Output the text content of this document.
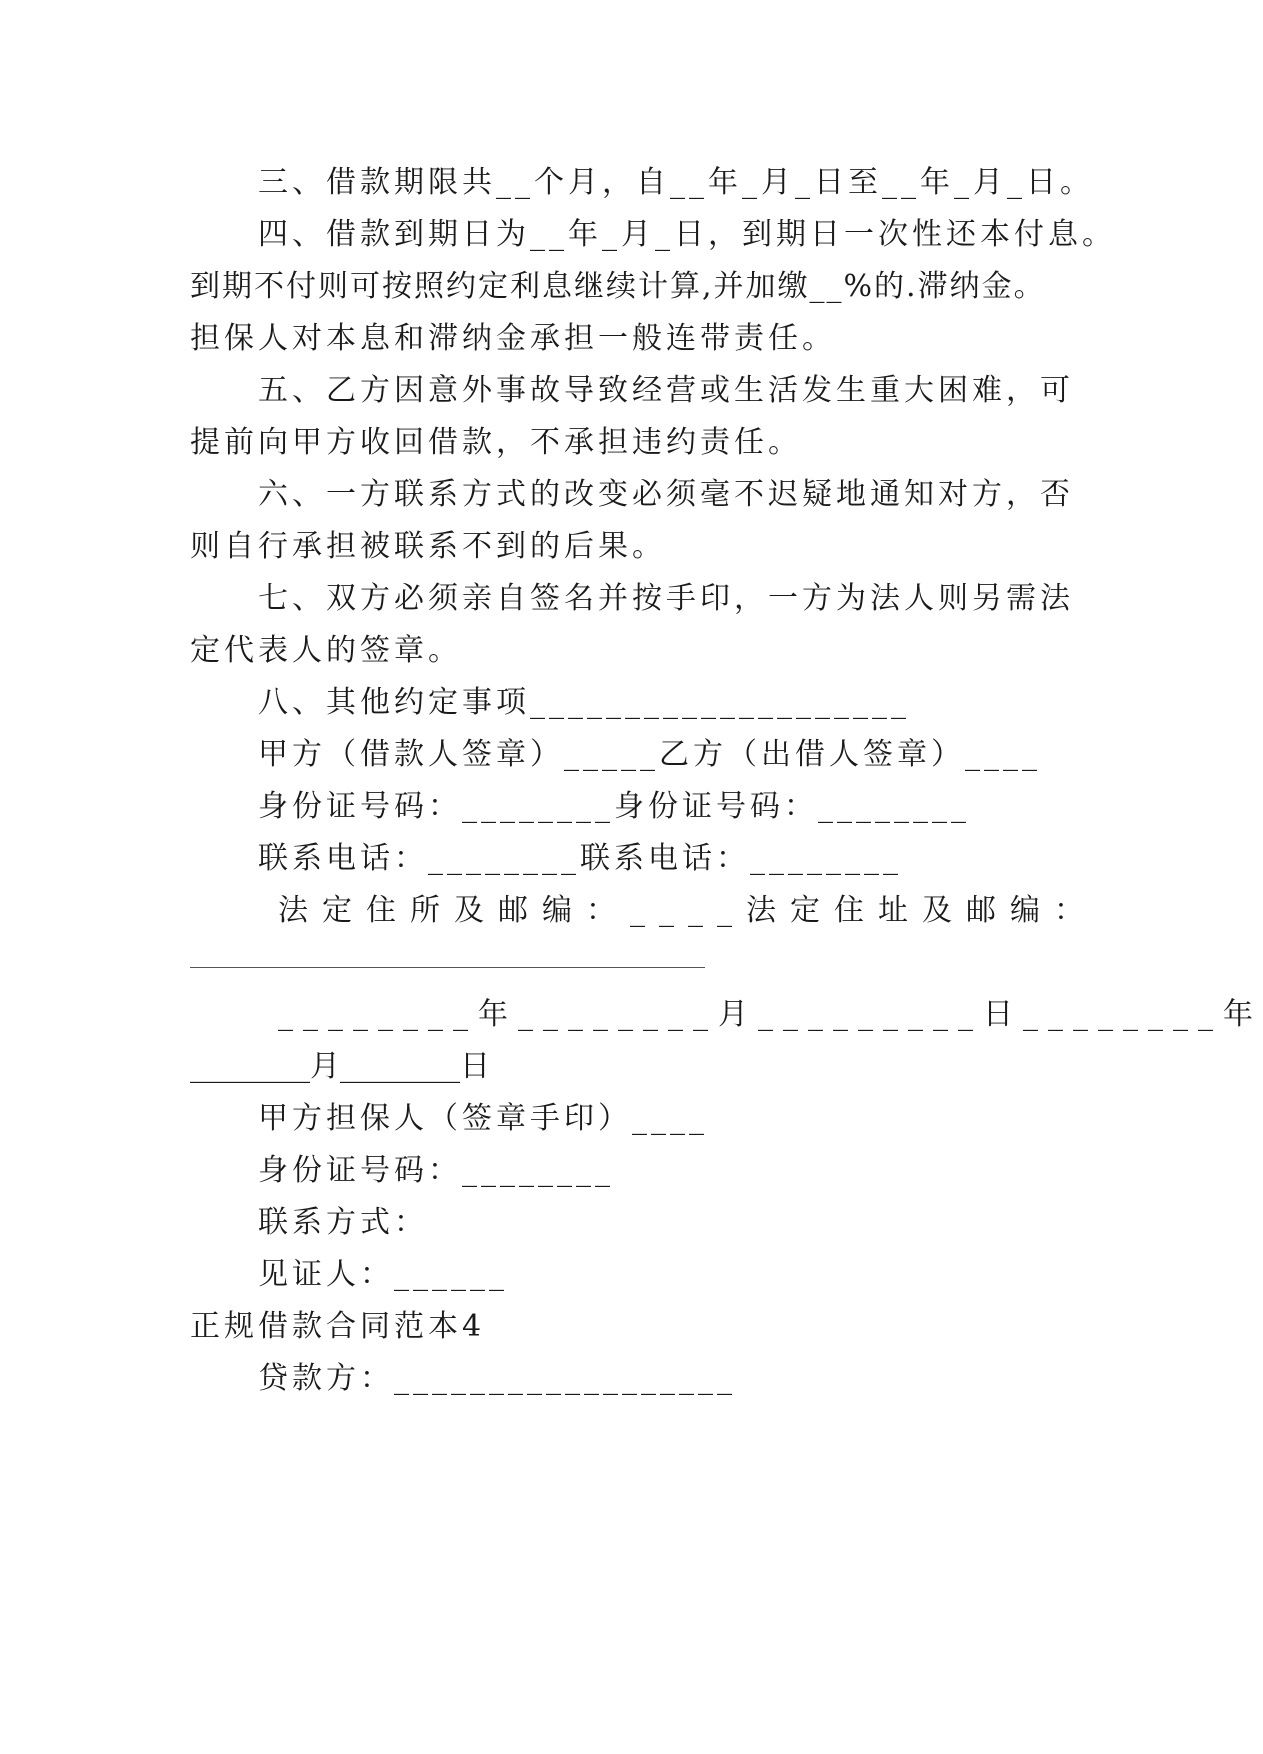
三、借款期限共__个月，自__年_月_日至__年_月_日。
四、借款到期日为__年_月_日，到期日一次性还本付息。
到期不付则可按照约定利息继续计算,并加缴__%的.滞纳金。
担保人对本息和滞纳金承担一般连带责任。
五、乙方因意外事故导致经营或生活发生重大困难，可
提前向甲方收回借款，不承担违约责任。
六、一方联系方式的改变必须毫不迟疑地通知对方，否
则自行承担被联系不到的后果。
七、双方必须亲自签名并按手印，一方为法人则另需法
定代表人的签章。
八、其他约定事项____________________
甲方（借款人签章）_____乙方（出借人签章）____
身份证号码：________身份证号码：________
联系电话：________联系电话：________
法定住所及邮编：____法定住址及邮编：
________年________月_________日________年
________月________日
甲方担保人（签章手印）____
身份证号码：________
联系方式：
见证人：______
正规借款合同范本4
贷款方：__________________
